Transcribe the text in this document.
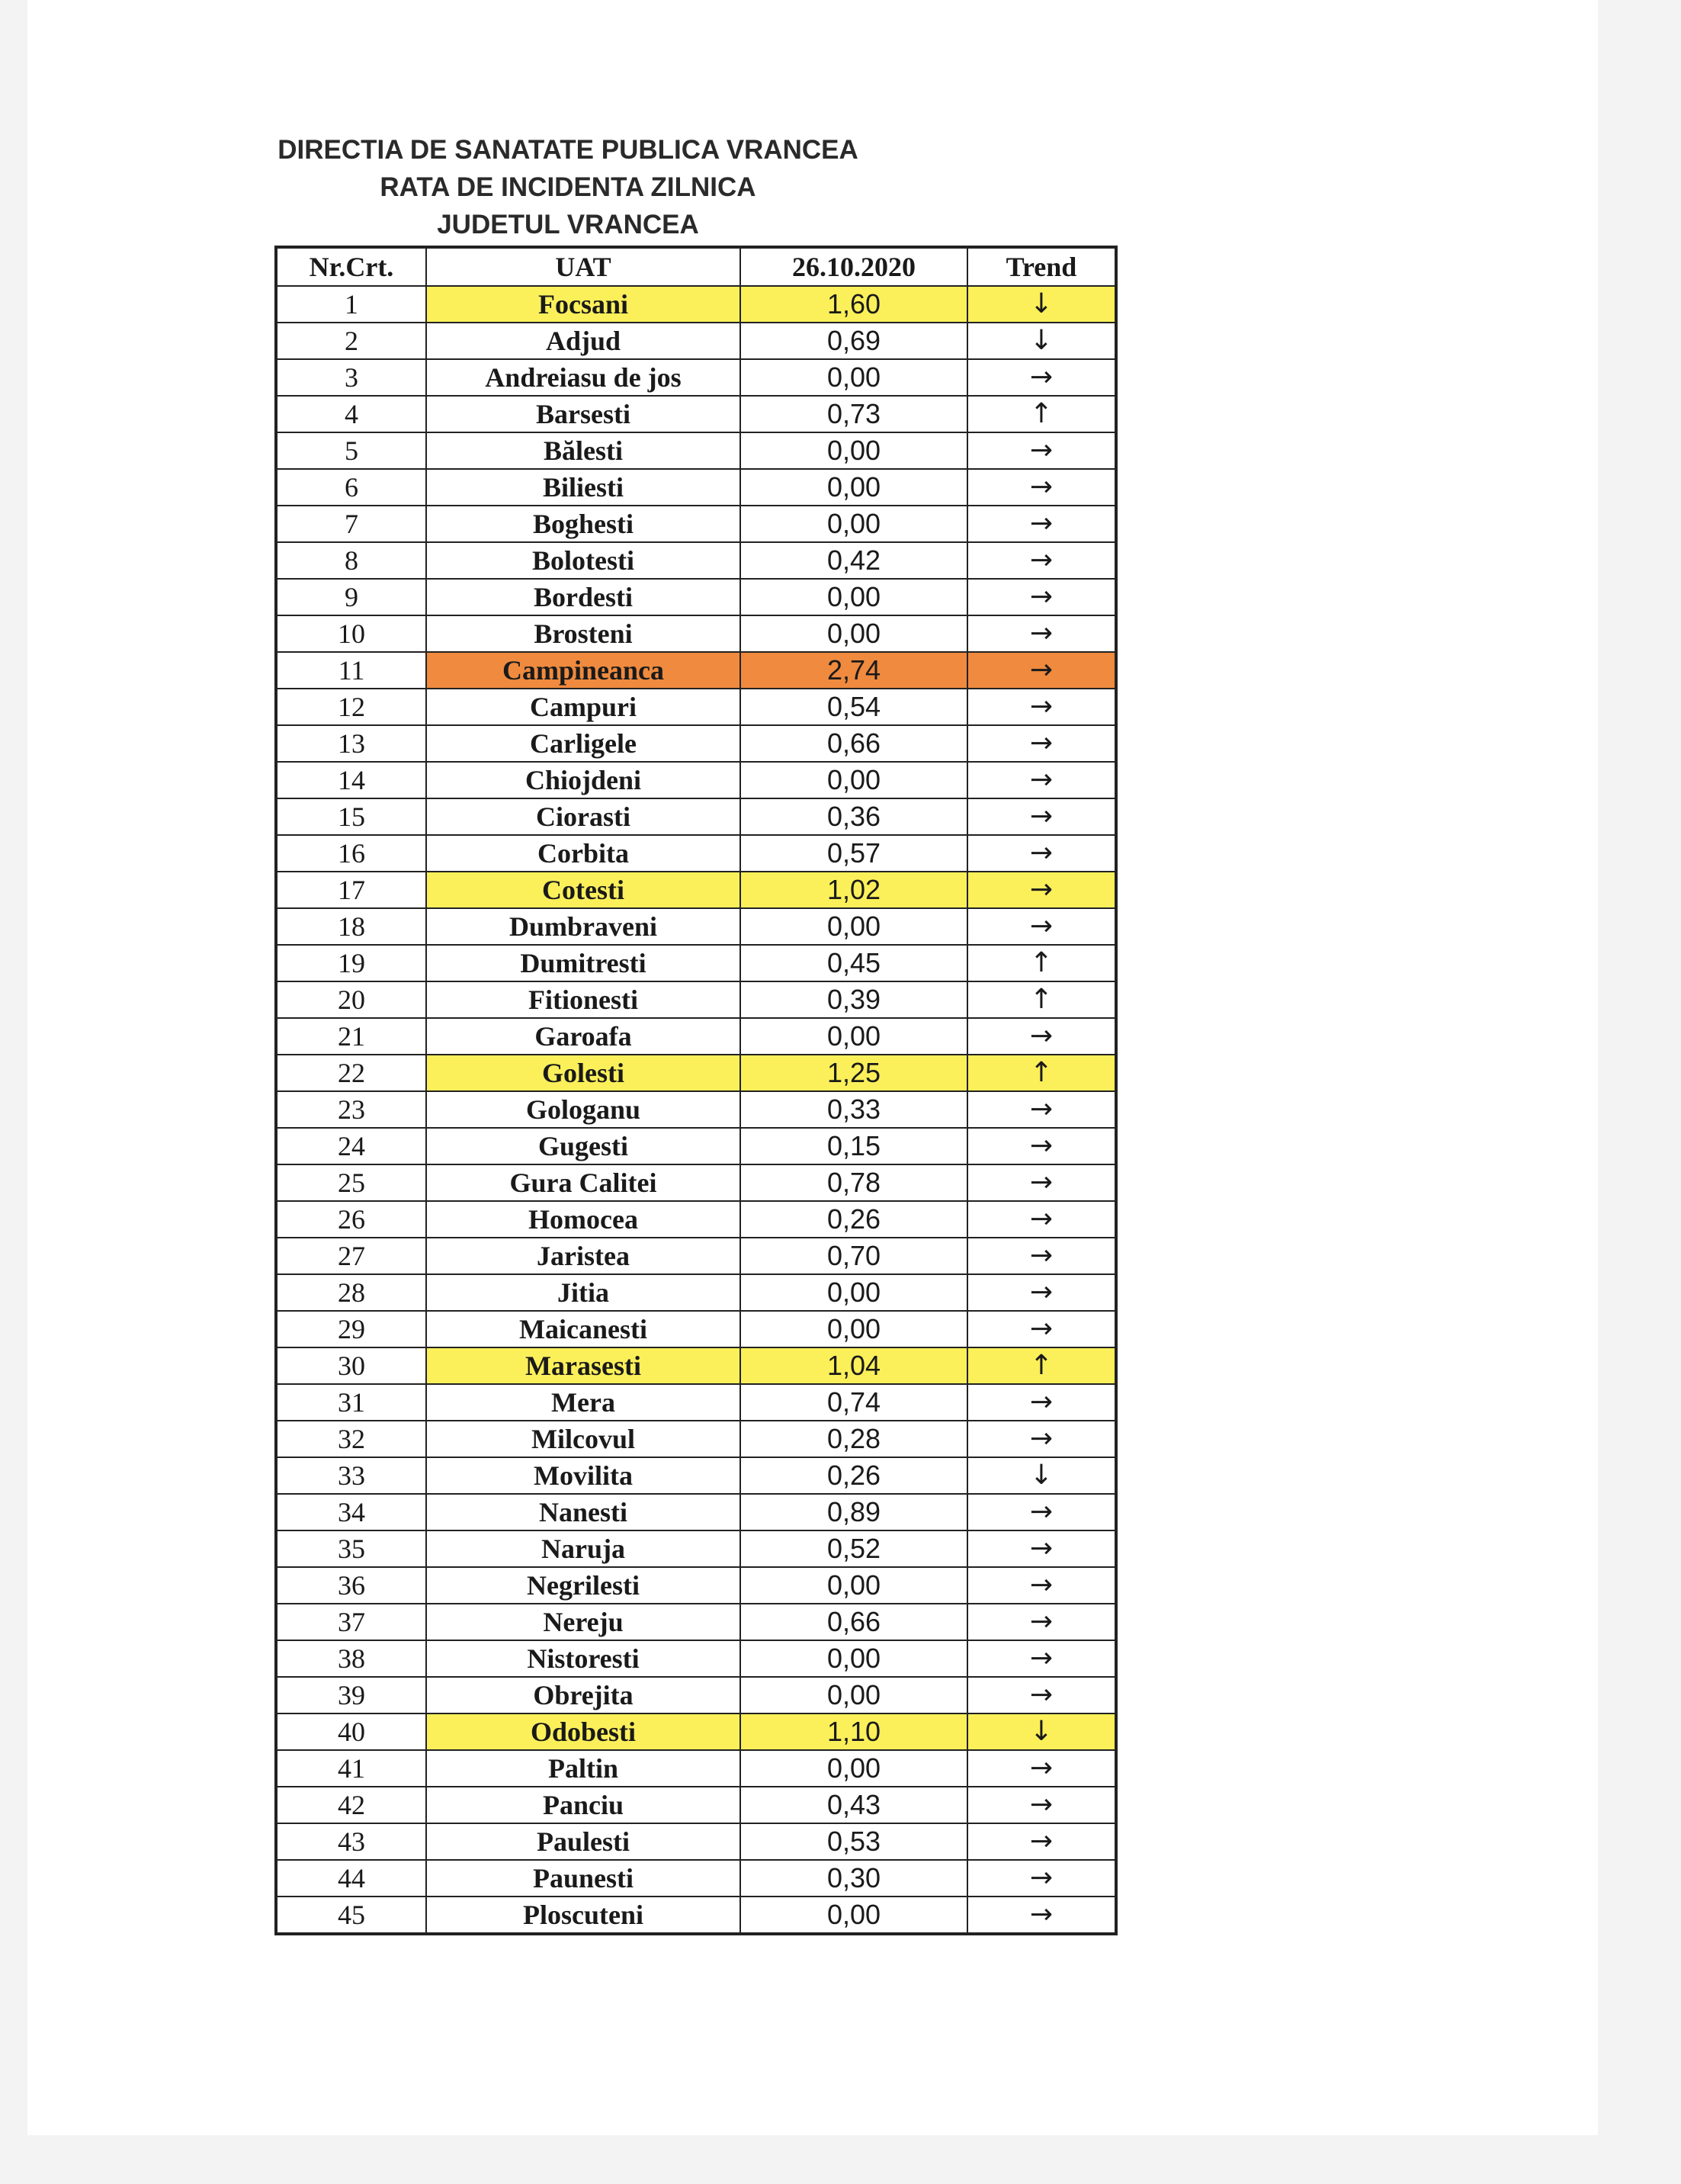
DIRECTIA DE SANATATE PUBLICA VRANCEA
RATA DE INCIDENTA ZILNICA
JUDETUL VRANCEA
Nr.Crt.	UAT	26.10.2020	Trend
1	Focsani	1,60	↓
2	Adjud	0,69	↓
3	Andreiasu de jos	0,00	→
4	Barsesti	0,73	↑
5	Bălesti	0,00	→
6	Biliesti	0,00	→
7	Boghesti	0,00	→
8	Bolotesti	0,42	→
9	Bordesti	0,00	→
10	Brosteni	0,00	→
11	Campineanca	2,74	→
12	Campuri	0,54	→
13	Carligele	0,66	→
14	Chiojdeni	0,00	→
15	Ciorasti	0,36	→
16	Corbita	0,57	→
17	Cotesti	1,02	→
18	Dumbraveni	0,00	→
19	Dumitresti	0,45	↑
20	Fitionesti	0,39	↑
21	Garoafa	0,00	→
22	Golesti	1,25	↑
23	Gologanu	0,33	→
24	Gugesti	0,15	→
25	Gura Calitei	0,78	→
26	Homocea	0,26	→
27	Jaristea	0,70	→
28	Jitia	0,00	→
29	Maicanesti	0,00	→
30	Marasesti	1,04	↑
31	Mera	0,74	→
32	Milcovul	0,28	→
33	Movilita	0,26	↓
34	Nanesti	0,89	→
35	Naruja	0,52	→
36	Negrilesti	0,00	→
37	Nereju	0,66	→
38	Nistoresti	0,00	→
39	Obrejita	0,00	→
40	Odobesti	1,10	↓
41	Paltin	0,00	→
42	Panciu	0,43	→
43	Paulesti	0,53	→
44	Paunesti	0,30	→
45	Ploscuteni	0,00	→
